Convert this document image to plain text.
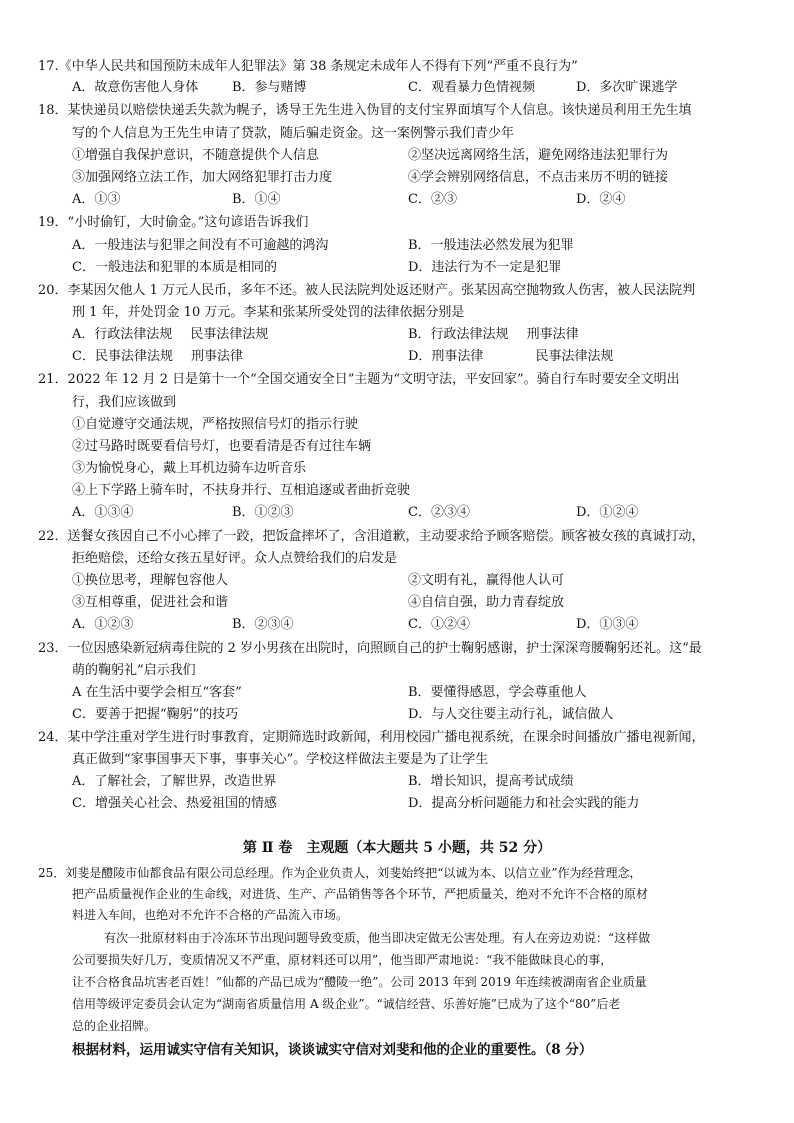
17.《中华人民共和国预防未成年人犯罪法》第 38 条规定未成年人不得有下列“严重不良行为”
A．故意伤害他人身体	B．参与赌博	C．观看暴力色情视频	D．多次旷课逃学
18．某快递员以赔偿快递丢失款为幌子，诱导王先生进入伪冒的支付宝界面填写个人信息。该快递员利用王先生填
写的个人信息为王先生申请了贷款，随后骗走资金。这一案例警示我们青少年
①增强自我保护意识，不随意提供个人信息	②坚决远离网络生活，避免网络违法犯罪行为
③加强网络立法工作，加大网络犯罪打击力度	④学会辨别网络信息，不点击来历不明的链接
A．①③	B．①④	C．②③	D．②④
19．“小时偷钉，大时偷金。”这句谚语告诉我们
A．一般违法与犯罪之间没有不可逾越的鸿沟	B．一般违法必然发展为犯罪
C．一般违法和犯罪的本质是相同的	D．违法行为不一定是犯罪
20．李某因欠他人 1 万元人民币，多年不还。被人民法院判处返还财产。张某因高空抛物致人伤害，被人民法院判
刑 1 年，并处罚金 10 万元。李某和张某所受处罚的法律依据分别是
A．行政法律法规 民事法律法规	B．行政法律法规 刑事法律
C．民事法律法规 刑事法律	D．刑事法律	民事法律法规
21．2022 年 12 月 2 日是第十一个“全国交通安全日”主题为“文明守法，平安回家”。骑自行车时要安全文明出
行，我们应该做到
①自觉遵守交通法规，严格按照信号灯的指示行驶
②过马路时既要看信号灯，也要看清是否有过往车辆
③为愉悦身心，戴上耳机边骑车边听音乐
④上下学路上骑车时，不扶身并行、互相追逐或者曲折竞驶
A．①③④	B．①②③	C．②③④	D．①②④
22．送餐女孩因自己不小心摔了一跤，把饭盒摔坏了，含泪道歉，主动要求给予顾客赔偿。顾客被女孩的真诚打动，
拒绝赔偿，还给女孩五星好评。众人点赞给我们的启发是
①换位思考，理解包容他人	②文明有礼，赢得他人认可
③互相尊重，促进社会和谐	④自信自强，助力青春绽放
A．①②③	B．②③④	C．①②④	D．①③④
23．一位因感染新冠病毒住院的 2 岁小男孩在出院时，向照顾自己的护士鞠躬感谢，护士深深弯腰鞠躬还礼。这“最
萌的鞠躬礼”启示我们
A 在生活中要学会相互“客套”	B．要懂得感恩，学会尊重他人
C．要善于把握“鞠躬”的技巧	D．与人交往要主动行礼，诚信做人
24．某中学注重对学生进行时事教育，定期筛选时政新闻，利用校园广播电视系统，在课余时间播放广播电视新闻，
真正做到“家事国事天下事，事事关心”。学校这样做法主要是为了让学生
A．了解社会，了解世界，改造世界	B．增长知识，提高考试成绩
C．增强关心社会、热爱祖国的情感	D．提高分析问题能力和社会实践的能力
第 Ⅱ 卷　主观题（本大题共 5 小题，共 52 分）
25．刘斐是醴陵市仙都食品有限公司总经理。作为企业负责人，刘斐始终把“以诚为本、以信立业”作为经营理念，
把产品质量视作企业的生命线，对进货、生产、产品销售等各个环节，严把质量关，绝对不允许不合格的原材
料进入车间，也绝对不允许不合格的产品流入市场。
有次一批原材料由于冷冻环节出现问题导致变质，他当即决定做无公害处理。有人在旁边劝说：“这样做
公司要损失好几万，变质情况又不严重，原材料还可以用”，他当即严肃地说：“我不能做昧良心的事，
让不合格食品坑害老百姓！”仙都的产品已成为“醴陵一绝”。公司 2013 年到 2019 年连续被湖南省企业质量
信用等级评定委员会认定为“湖南省质量信用 A 级企业”。“诚信经营、乐善好施”已成为了这个“80”后老
总的企业招牌。
根据材料，运用诚实守信有关知识，谈谈诚实守信对刘斐和他的企业的重要性。（8 分）
